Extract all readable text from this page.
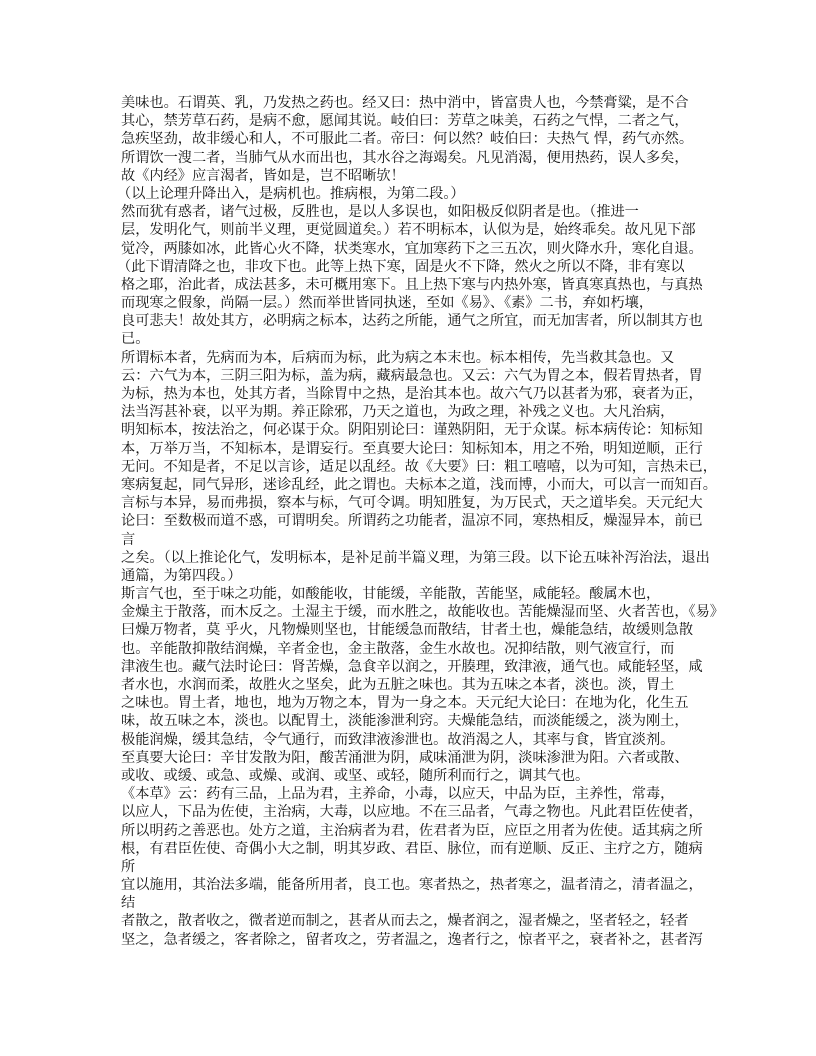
美味也。石谓英、乳，乃发热之药也。经又曰：热中消中，皆富贵人也，今禁膏粱，是不合
其心，禁芳草石药，是病不愈，愿闻其说。岐伯曰：芳草之味美，石药之气悍，二者之气，
急疾坚劲，故非缓心和人，不可服此二者。帝曰：何以然？岐伯曰：夫热气 悍，药气亦然。
所谓饮一溲二者，当肺气从水而出也，其水谷之海竭矣。凡见消渴，便用热药，误人多矣，
故《内经》应言渴者，皆如是，岂不昭晰欤！
（以上论理升降出入，是病机也。推病根，为第二段。）
然而犹有惑者，诸气过极，反胜也，是以人多误也，如阳极反似阴者是也。（推进一
层，发明化气，则前半义理，更觉圆道矣。）若不明标本，认似为是，始终乖矣。故凡见下部
觉冷，两膝如冰，此皆心火不降，状类寒水，宜加寒药下之三五次，则火降水升，寒化自退。
（此下谓清降之也，非攻下也。此等上热下寒，固是火不下降，然火之所以不降，非有寒以
格之耶，治此者，成法甚多，未可概用寒下。且上热下寒与内热外寒，皆真寒真热也，与真热
而现寒之假象，尚隔一层。）然而举世皆同执迷，至如《易》、《素》二书，弃如朽壤，
良可悲夫！故处其方，必明病之标本，达药之所能，通气之所宜，而无加害者，所以制其方也
已。
所谓标本者，先病而为本，后病而为标，此为病之本末也。标本相传，先当救其急也。又
云：六气为本，三阴三阳为标，盖为病，藏病最急也。又云：六气为胃之本，假若胃热者，胃
为标，热为本也，处其方者，当除胃中之热，是治其本也。故六气乃以甚者为邪，衰者为正，
法当泻甚补衰，以平为期。养正除邪，乃天之道也，为政之理，补残之义也。大凡治病，
明知标本，按法治之，何必谋于众。阴阳别论曰：谨熟阴阳，无于众谋。标本病传论：知标知
本，万举万当，不知标本，是谓妄行。至真要大论曰：知标知本，用之不殆，明知逆顺，正行
无问。不知是者，不足以言诊，适足以乱经。故《大要》曰：粗工嘻嘻，以为可知，言热未已，
寒病复起，同气异形，迷诊乱经，此之谓也。夫标本之道，浅而博，小而大，可以言一而知百。
言标与本异，易而弗损，察本与标，气可令调。明知胜复，为万民式，天之道毕矣。天元纪大
论曰：至数极而道不惑，可谓明矣。所谓药之功能者，温凉不同，寒热相反，燥湿异本，前已
言
之矣。（以上推论化气，发明标本，是补足前半篇义理，为第三段。以下论五味补泻治法，退出
通篇，为第四段。）
斯言气也，至于味之功能，如酸能收，甘能缓，辛能散，苦能坚，咸能轻。酸属木也，
金燥主于散落，而木反之。土湿主于缓，而水胜之，故能收也。苦能燥湿而坚、火者苦也，《易》
曰燥万物者，莫 乎火，凡物燥则坚也，甘能缓急而散结，甘者土也，燥能急结，故缓则急散
也。辛能散抑散结润燥，辛者金也，金主散落，金生水故也。况抑结散，则气液宣行，而
津液生也。藏气法时论曰：肾苦燥，急食辛以润之，开腠理，致津液，通气也。咸能轻坚，咸
者水也，水润而柔，故胜火之坚矣，此为五脏之味也。其为五味之本者，淡也。淡，胃土
之味也。胃土者，地也，地为万物之本，胃为一身之本。天元纪大论曰：在地为化，化生五
味，故五味之本，淡也。以配胃土，淡能渗泄利窍。夫燥能急结，而淡能缓之，淡为刚土，
极能润燥，缓其急结，令气通行，而致津液渗泄也。故消渴之人，其率与食，皆宜淡剂。
至真要大论曰：辛甘发散为阳，酸苦涌泄为阴，咸味涌泄为阴，淡味渗泄为阳。六者或散、
或收、或缓、或急、或燥、或润、或坚、或轻，随所利而行之，调其气也。
《本草》云：药有三品，上品为君，主养命，小毒，以应天，中品为臣，主养性，常毒，
以应人，下品为佐使，主治病，大毒，以应地。不在三品者，气毒之物也。凡此君臣佐使者，
所以明药之善恶也。处方之道，主治病者为君，佐君者为臣，应臣之用者为佐使。适其病之所
根，有君臣佐使、奇偶小大之制，明其岁政、君臣、脉位，而有逆顺、反正、主疗之方，随病
所
宜以施用，其治法多端，能备所用者，良工也。寒者热之，热者寒之，温者清之，清者温之，
结
者散之，散者收之，微者逆而制之，甚者从而去之，燥者润之，湿者燥之，坚者轻之，轻者
坚之，急者缓之，客者除之，留者攻之，劳者温之，逸者行之，惊者平之，衰者补之，甚者泻
